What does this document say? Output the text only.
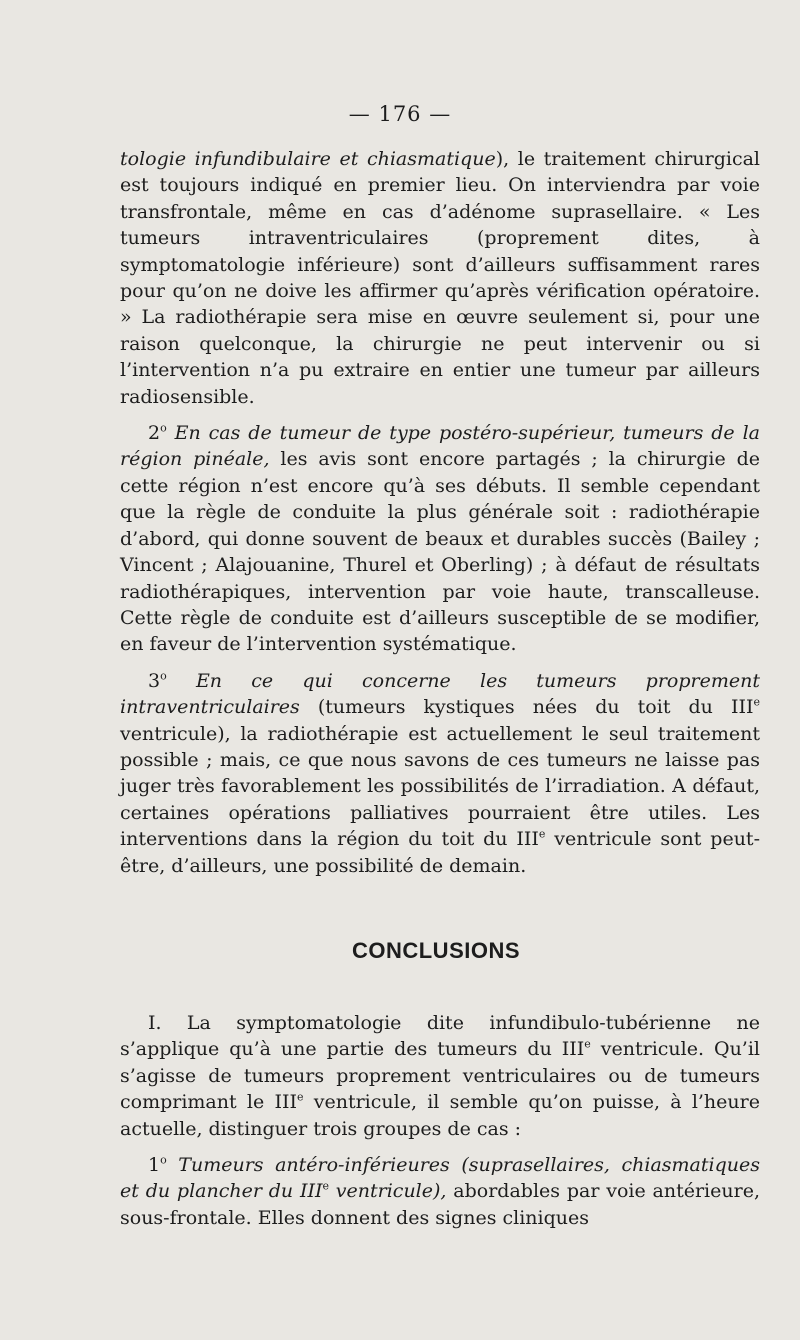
— 176 —

tologie infundibulaire et chiasmatique), le traitement chirurgical est toujours indiqué en premier lieu. On interviendra par voie transfrontale, même en cas d’adénome suprasellaire. « Les tumeurs intraventriculaires (proprement dites, à symptomatologie inférieure) sont d’ailleurs suffisamment rares pour qu’on ne doive les affirmer qu’après vérification opératoire. » La radiothérapie sera mise en œuvre seulement si, pour une raison quelconque, la chirurgie ne peut intervenir ou si l’intervention n’a pu extraire en entier une tumeur par ailleurs radiosensible.

2$^o$ En cas de tumeur de type postéro-supérieur, tumeurs de la région pinéale, les avis sont encore partagés ; la chirurgie de cette région n’est encore qu’à ses débuts. Il semble cependant que la règle de conduite la plus générale soit : radiothérapie d’abord, qui donne souvent de beaux et durables succès (Bailey ; Vincent ; Alajouanine, Thurel et Oberling) ; à défaut de résultats radiothérapiques, intervention par voie haute, transcalleuse. Cette règle de conduite est d’ailleurs susceptible de se modifier, en faveur de l’intervention systématique.

3$^o$ En ce qui concerne les tumeurs proprement intraventriculaires (tumeurs kystiques nées du toit du IIIe ventricule), la radiothérapie est actuellement le seul traitement possible ; mais, ce que nous savons de ces tumeurs ne laisse pas juger très favorablement les possibilités de l’irradiation. A défaut, certaines opérations palliatives pourraient être utiles. Les interventions dans la région du toit du IIIe ventricule sont peut-être, d’ailleurs, une possibilité de demain.

CONCLUSIONS

I. La symptomatologie dite infundibulo-tubérienne ne s’applique qu’à une partie des tumeurs du IIIe ventricule. Qu’il s’agisse de tumeurs proprement ventriculaires ou de tumeurs comprimant le IIIe ventricule, il semble qu’on puisse, à l’heure actuelle, distinguer trois groupes de cas :

1$^o$ Tumeurs antéro-inférieures (suprasellaires, chiasmatiques et du plancher du IIIe ventricule), abordables par voie antérieure, sous-frontale. Elles donnent des signes cliniques
